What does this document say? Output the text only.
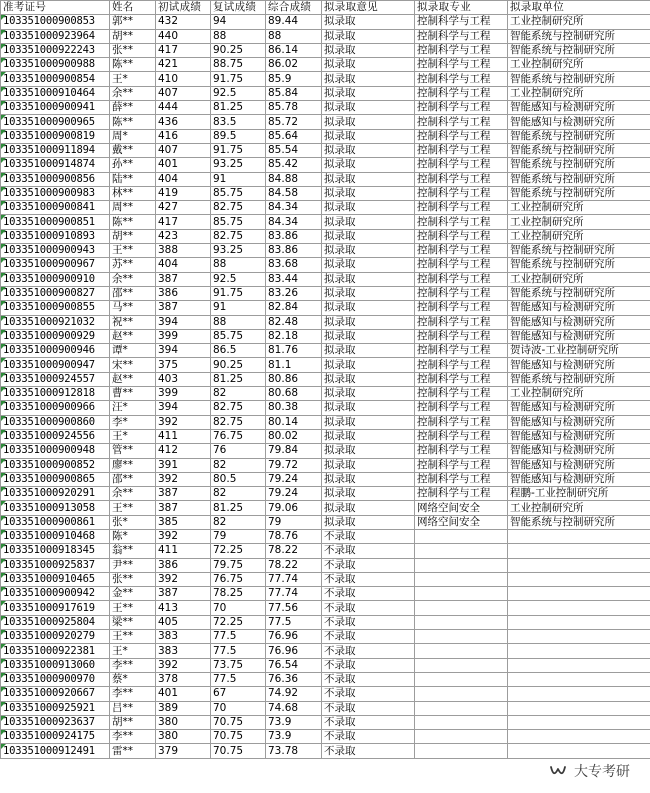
准考证号	姓名	初试成绩	复试成绩	综合成绩	拟录取意见	拟录取专业	拟录取单位
103351000900853	郭**	432	94	89.44	拟录取	控制科学与工程	工业控制研究所
103351000923964	胡**	440	88	88	拟录取	控制科学与工程	智能系统与控制研究所
103351000922243	张**	417	90.25	86.14	拟录取	控制科学与工程	智能系统与控制研究所
103351000900988	陈**	421	88.75	86.02	拟录取	控制科学与工程	工业控制研究所
103351000900854	王*	410	91.75	85.9	拟录取	控制科学与工程	智能系统与控制研究所
103351000910464	余**	407	92.5	85.84	拟录取	控制科学与工程	工业控制研究所
103351000900941	薛**	444	81.25	85.78	拟录取	控制科学与工程	智能感知与检测研究所
103351000900965	陈**	436	83.5	85.72	拟录取	控制科学与工程	智能感知与检测研究所
103351000900819	周*	416	89.5	85.64	拟录取	控制科学与工程	智能系统与控制研究所
103351000911894	戴**	407	91.75	85.54	拟录取	控制科学与工程	智能系统与控制研究所
103351000914874	孙**	401	93.25	85.42	拟录取	控制科学与工程	智能系统与控制研究所
103351000900856	陆**	404	91	84.88	拟录取	控制科学与工程	智能系统与控制研究所
103351000900983	林**	419	85.75	84.58	拟录取	控制科学与工程	智能系统与控制研究所
103351000900841	周**	427	82.75	84.34	拟录取	控制科学与工程	工业控制研究所
103351000900851	陈**	417	85.75	84.34	拟录取	控制科学与工程	工业控制研究所
103351000910893	胡**	423	82.75	83.86	拟录取	控制科学与工程	工业控制研究所
103351000900943	王**	388	93.25	83.86	拟录取	控制科学与工程	智能系统与控制研究所
103351000900967	苏**	404	88	83.68	拟录取	控制科学与工程	智能系统与控制研究所
103351000900910	余**	387	92.5	83.44	拟录取	控制科学与工程	工业控制研究所
103351000900827	邵**	386	91.75	83.26	拟录取	控制科学与工程	智能系统与控制研究所
103351000900855	马**	387	91	82.84	拟录取	控制科学与工程	智能感知与检测研究所
103351000921032	祝**	394	88	82.48	拟录取	控制科学与工程	智能感知与检测研究所
103351000900929	赵**	399	85.75	82.18	拟录取	控制科学与工程	智能感知与检测研究所
103351000900946	谭*	394	86.5	81.76	拟录取	控制科学与工程	贺诗波-工业控制研究所
103351000900947	宋**	375	90.25	81.1	拟录取	控制科学与工程	智能感知与检测研究所
103351000924557	赵**	403	81.25	80.86	拟录取	控制科学与工程	智能系统与控制研究所
103351000912818	曹**	399	82	80.68	拟录取	控制科学与工程	工业控制研究所
103351000900966	汪*	394	82.75	80.38	拟录取	控制科学与工程	智能感知与检测研究所
103351000900860	李*	392	82.75	80.14	拟录取	控制科学与工程	智能感知与检测研究所
103351000924556	王*	411	76.75	80.02	拟录取	控制科学与工程	智能感知与检测研究所
103351000900948	管**	412	76	79.84	拟录取	控制科学与工程	智能感知与检测研究所
103351000900852	廖**	391	82	79.72	拟录取	控制科学与工程	智能感知与检测研究所
103351000900865	邵**	392	80.5	79.24	拟录取	控制科学与工程	智能感知与检测研究所
103351000920291	余**	387	82	79.24	拟录取	控制科学与工程	程鹏-工业控制研究所
103351000913058	王**	387	81.25	79.06	拟录取	网络空间安全	工业控制研究所
103351000900861	张*	385	82	79	拟录取	网络空间安全	智能系统与控制研究所
103351000910468	陈*	392	79	78.76	不录取		
103351000918345	翁**	411	72.25	78.22	不录取		
103351000925837	尹**	386	79.75	78.22	不录取		
103351000910465	张**	392	76.75	77.74	不录取		
103351000900942	金**	387	78.25	77.74	不录取		
103351000917619	王**	413	70	77.56	不录取		
103351000925804	梁**	405	72.25	77.5	不录取		
103351000920279	王**	383	77.5	76.96	不录取		
103351000922381	王*	383	77.5	76.96	不录取		
103351000913060	李**	392	73.75	76.54	不录取		
103351000900970	蔡*	378	77.5	76.36	不录取		
103351000920667	李**	401	67	74.92	不录取		
103351000925921	吕**	389	70	74.68	不录取		
103351000923637	胡**	380	70.75	73.9	不录取		
103351000924175	李**	380	70.75	73.9	不录取		
103351000912491	雷**	379	70.75	73.78	不录取		
大专考研
